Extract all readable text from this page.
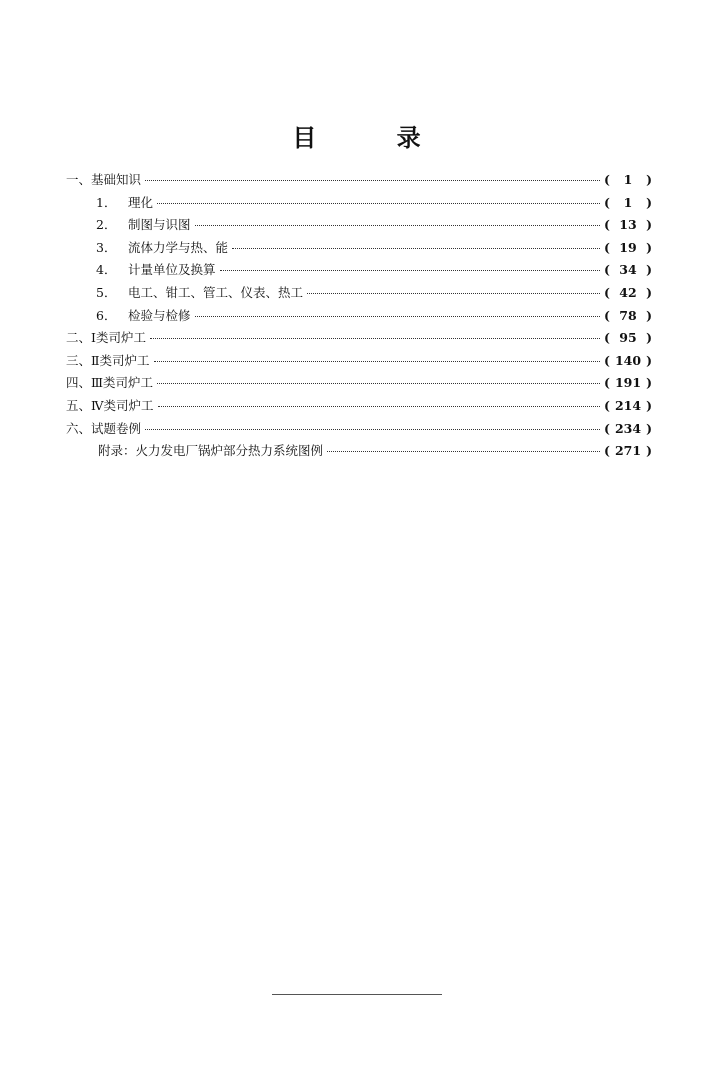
目 录
一、基础知识	(	1	)
1． 理化	(	1	)
2． 制图与识图	( 13 )
3． 流体力学与热、能	( 19 )
4． 计量单位及换算	( 34 )
5． 电工、钳工、管工、仪表、热工	( 42 )
6． 检验与检修	( 78 )
二、Ⅰ类司炉工	( 95 )
三、Ⅱ类司炉工	( 140 )
四、Ⅲ类司炉工	( 191 )
五、Ⅳ类司炉工	( 214 )
六、试题卷例	( 234 )
附录：火力发电厂锅炉部分热力系统图例	( 271 )
